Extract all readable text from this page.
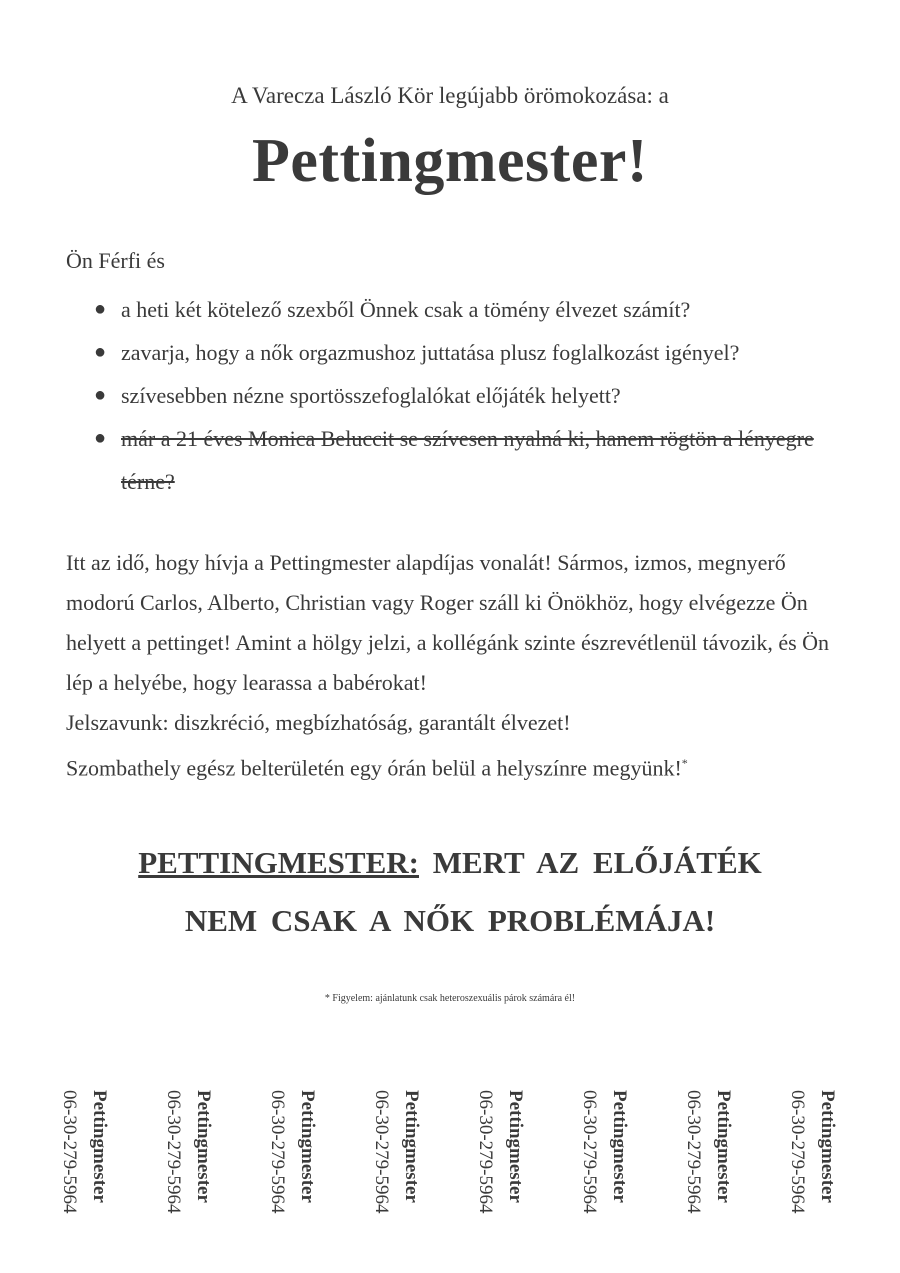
A Varecza László Kör legújabb örömokozása: a
Pettingmester!
Ön Férfi és
● a heti két kötelező szexből Önnek csak a tömény élvezet számít?
● zavarja, hogy a nők orgazmushoz juttatása plusz foglalkozást igényel?
● szívesebben nézne sportösszefoglalókat előjáték helyett?
● már a 21 éves Monica Beluccit se szívesen nyalná ki, hanem rögtön a lényegre térne?
Itt az idő, hogy hívja a Pettingmester alapdíjas vonalát! Sármos, izmos, megnyerő modorú Carlos, Alberto, Christian vagy Roger száll ki Önökhöz, hogy elvégezze Ön helyett a pettinget! Amint a hölgy jelzi, a kollégánk szinte észrevétlenül távozik, és Ön lép a helyébe, hogy learassa a babérokat!
Jelszavunk: diszkréció, megbízhatóság, garantált élvezet!
Szombathely egész belterületén egy órán belül a helyszínre megyünk!*
PETTINGMESTER: MERT AZ ELŐJÁTÉK
NEM CSAK A NŐK PROBLÉMÁJA!
* Figyelem: ajánlatunk csak heteroszexuális párok számára él!
06-30-279-5964 Pettingmester	06-30-279-5964 Pettingmester	06-30-279-5964 Pettingmester	06-30-279-5964 Pettingmester	06-30-279-5964 Pettingmester	06-30-279-5964 Pettingmester	06-30-279-5964 Pettingmester	06-30-279-5964 Pettingmester
